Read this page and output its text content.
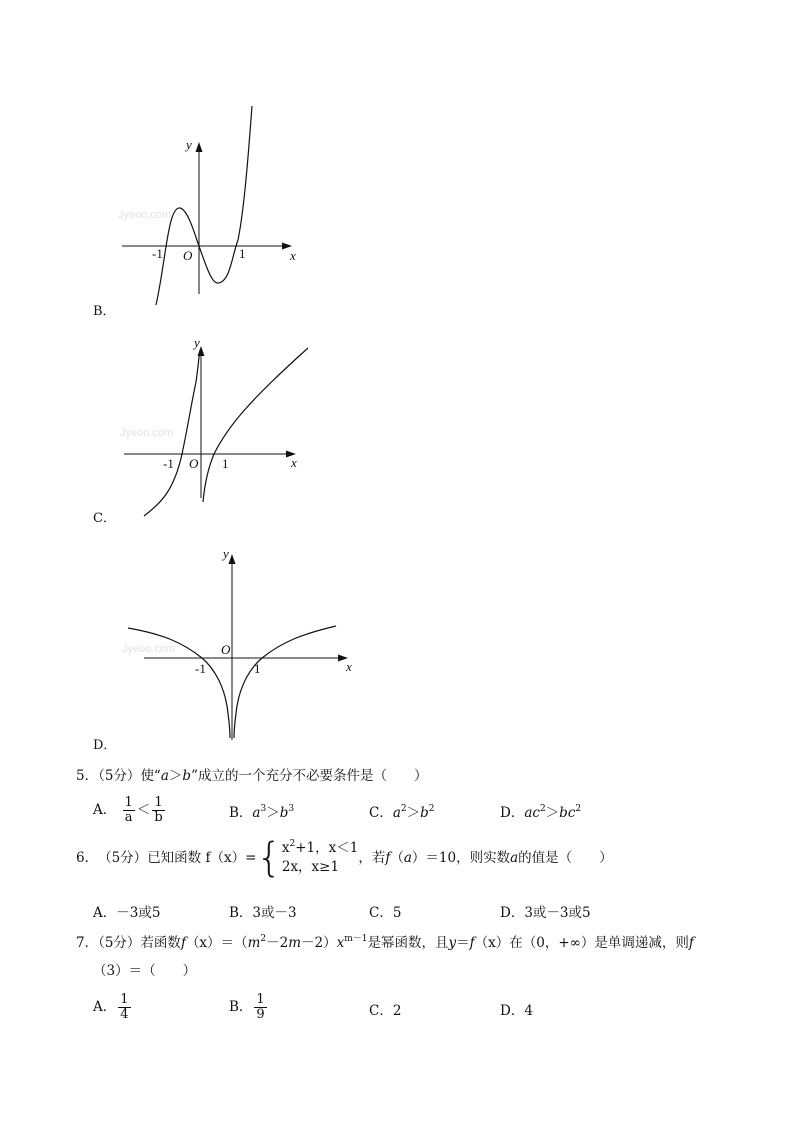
Jyeoo.com
y
x
O
-1	1
B．
Jyeoo.com
y
x
O
-1	1
C．
Jyeoo.com
y
x
O
-1	1
D．
5．（5分）使“a＞b”成立的一个充分不必要条件是（　　）
A． $\frac{1}{a} < \frac{1}{b}$	B．$a^3>b^3$	C．$a^2>b^2$	D．$ac^2>bc^2$
6． （5分） 已知函数 f（x）= { $x^2+1$，x＜1
2x，x≥1
，若 f （ a ） ＝10，则实数 a 的值是（　　）
A．－3或5	B．3或－3	C．5	D．3或－3或5
7．（5分）若函数$f(x)=(m^2-2m-2)x^{m-1}$是幂函数，且y＝f（x）在（0，+∞）是单调递减，则f
（3）＝（　　）
A． $\frac{1}{4}$	B． $\frac{1}{9}$	C．2	D．4
